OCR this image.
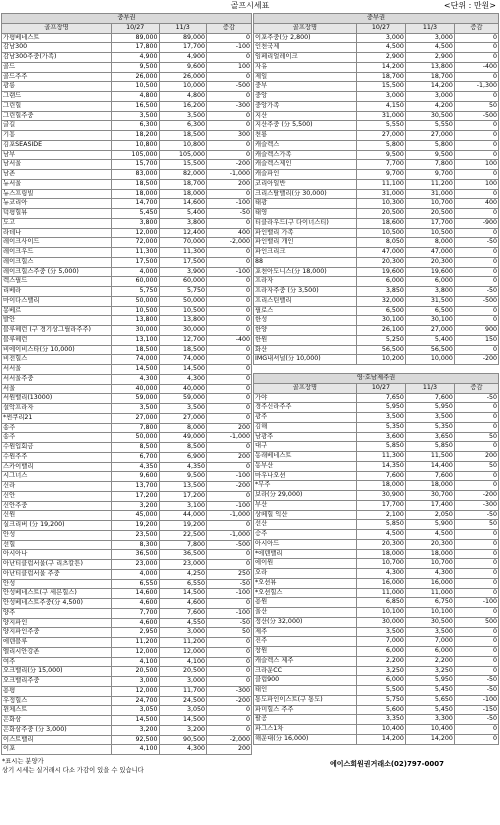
골프시세표	<단위 : 만원>
중부권			
골프장명	10/27	11/3	증감
가평베네스트	89,000	89,000	0
감남300	17,800	17,700	-100
감남300주중(가족)	4,900	4,900	0
골드	9,500	9,600	100
골드주주	26,000	26,000	0
광릉	10,500	10,000	-500
그랜드	4,800	4,800	0
그린힐	16,500	16,200	-300
그린힐주중	3,500	3,500	0
글길	6,300	6,300	0
기흥	18,200	18,500	300
김포SEASIDE	10,800	10,800	0
남부	105,000	105,000	0
남서울	15,700	15,500	-200
남촌	83,000	82,000	-1,000
뉴서울	18,500	18,700	200
뉴스프링빌	18,000	18,000	0
뉴코리아	14,700	14,600	-100
덕평힐뷰	5,450	5,400	-50
도고	3,800	3,800	0
라데나	12,000	12,400	400
레이크사이드	72,000	70,000	-2,000
레이크우드	11,300	11,300	0
레이크힐스	17,500	17,500	0
레이크힐스주중 (分 5,000)	4,000	3,900	-100
렉스필드	60,000	60,000	0
리베라	5,750	5,750	0
마이다스밸리	50,000	50,000	0
몽베르	10,500	10,500	0
발안	13,800	13,800	0
블루헤런 (구 경기상그릴라주주)	30,000	30,000	0
블루헤런	13,100	12,700	-400
비에이비스타(分 10,000)	18,500	18,500	0
비전힐스	74,000	74,000	0
서서울	14,500	14,500	0
서서울주중	4,300	4,300	0
서울	40,000	40,000	0
서원밸리(13000)	59,000	59,000	0
설악프라자	3,500	3,500	0
*썬쿠리21	27,000	27,000	0
송추	7,800	8,000	200
송추	50,000	49,000	-1,000
수원입회금	8,500	8,500	0
수원주주	6,700	6,900	200
스카이밸리	4,350	4,350	0
시그너스	9,600	9,500	-100
신라	13,700	13,500	-200
신안	17,200	17,200	0
신안주중	3,200	3,100	-100
신원	45,000	44,000	-1,000
실크리버 (分 19,200)	19,200	19,200	0
안성	23,500	22,500	-1,000
선힐	8,300	7,800	-500
아시아나	36,500	36,500	0
아난티클럽서울(구 리츠칼튼)	23,000	23,000	0
아난티클럽서울 주중	4,000	4,250	250
안성	6,550	6,550	-50
안성베네스트(구 세븐힐스)	14,600	14,500	-100
안성베네스트주중(分 4,500)	4,600	4,600	0
양주	7,700	7,600	-100
양지파인	4,600	4,550	-50
양지파인주중	2,950	3,000	50
에덴블루	11,200	11,200	0
엘리시안강촌	12,000	12,000	0
여주	4,100	4,100	0
오크밸리(分 15,000)	20,500	20,500	0
오크밸리주중	3,000	3,000	0
용평	12,000	11,700	-300
우정힐스	24,700	24,500	-200
윈체스트	3,050	3,050	0
은화삼	14,500	14,500	0
은화삼주중 (分 3,000)	3,200	3,200	0
이스트밸리	92,500	90,500	-2,000
이포	4,100	4,300	200
중부권			
골프장명	10/27	11/3	증감
이포주중(分 2,800)	3,000	3,000	0
인천국제	4,500	4,500	0
임페리얼레이크	2,900	2,900	0
자유	14,200	13,800	-400
제일	18,700	18,700	0
중부	15,500	14,200	-1,300
중앙	3,000	3,000	0
중앙가족	4,150	4,200	50
지산	31,000	30,500	-500
지산주중 (分 5,500)	5,550	5,550	0
천룡	27,000	27,000	0
캐슬렉스	5,800	5,800	0
캐슬렉스가족	9,500	9,500	0
캐슬렉스제인	7,700	7,800	100
캐슬파인	9,700	9,700	0
코리아일반	11,100	11,200	100
크리스탈밸리(分 30,000)	31,000	31,000	0
태광	10,300	10,700	400
태영	20,500	20,500	0
티클라우드(구 다이너스티)	18,600	17,700	-900
파인밸리 가족	10,500	10,500	0
파인밸리 개인	8,050	8,000	-50
파인크리크	47,000	47,000	0
88	20,300	20,300	0
포천아도니스(分 18,000)	19,600	19,600	0
프라자	6,000	6,000	0
프라자주중 (分 3,500)	3,850	3,800	-50
프리스틴밸리	32,000	31,500	-500
필로스	6,500	6,500	0
한성	30,100	30,100	0
한양	26,100	27,000	900
한원	5,250	5,400	150
화산	56,500	56,500	0
IMG내셔널(分 10,000)	10,200	10,000	-200

영·호남제주권			
골프장명	10/27	11/3	증감
가야	7,650	7,600	-50
경주신라주주	5,950	5,950	0
광주	3,500	3,500	0
김해	5,350	5,350	0
남광주	3,600	3,650	50
대구	5,850	5,850	0
동래베네스트	11,300	11,500	200
동부산	14,350	14,400	50
마우나오션	7,600	7,600	0
*무주	18,000	18,000	0
보라(分 29,000)	30,900	30,700	-200
부산	17,700	17,400	-300
상떼힐 익산	2,100	2,050	-50
선산	5,850	5,900	50
승주	4,500	4,500	0
아시아드	20,300	20,300	0
*에덴밸리	18,000	18,000	0
에이원	10,700	10,700	0
오라	4,300	4,300	0
*오션뷰	16,000	16,000	0
*오션힐스	11,000	11,000	0
용원	6,850	6,750	-100
울산	10,100	10,100	0
정산(分 32,000)	30,000	30,500	500
제주	3,500	3,500	0
진주	7,000	7,000	0
창원	6,000	6,000	0
캐슬렉스 제주	2,200	2,200	0
크라운CC	3,250	3,250	0
클럽900	6,000	5,950	-50
태인	5,500	5,450	-50
통도파인이스트(구 통도)	5,750	5,650	-100
파미힐스 주주	5,600	5,450	-150
팔공	3,350	3,300	-50
파그스1차	10,400	10,400	0
해운대(分 16,000)	14,200	14,200	0
*표시는 분양가
상기 시세는 실거래시 다소 가감이 있을 수 있습니다
에이스회원권거래소(02)797-0007
